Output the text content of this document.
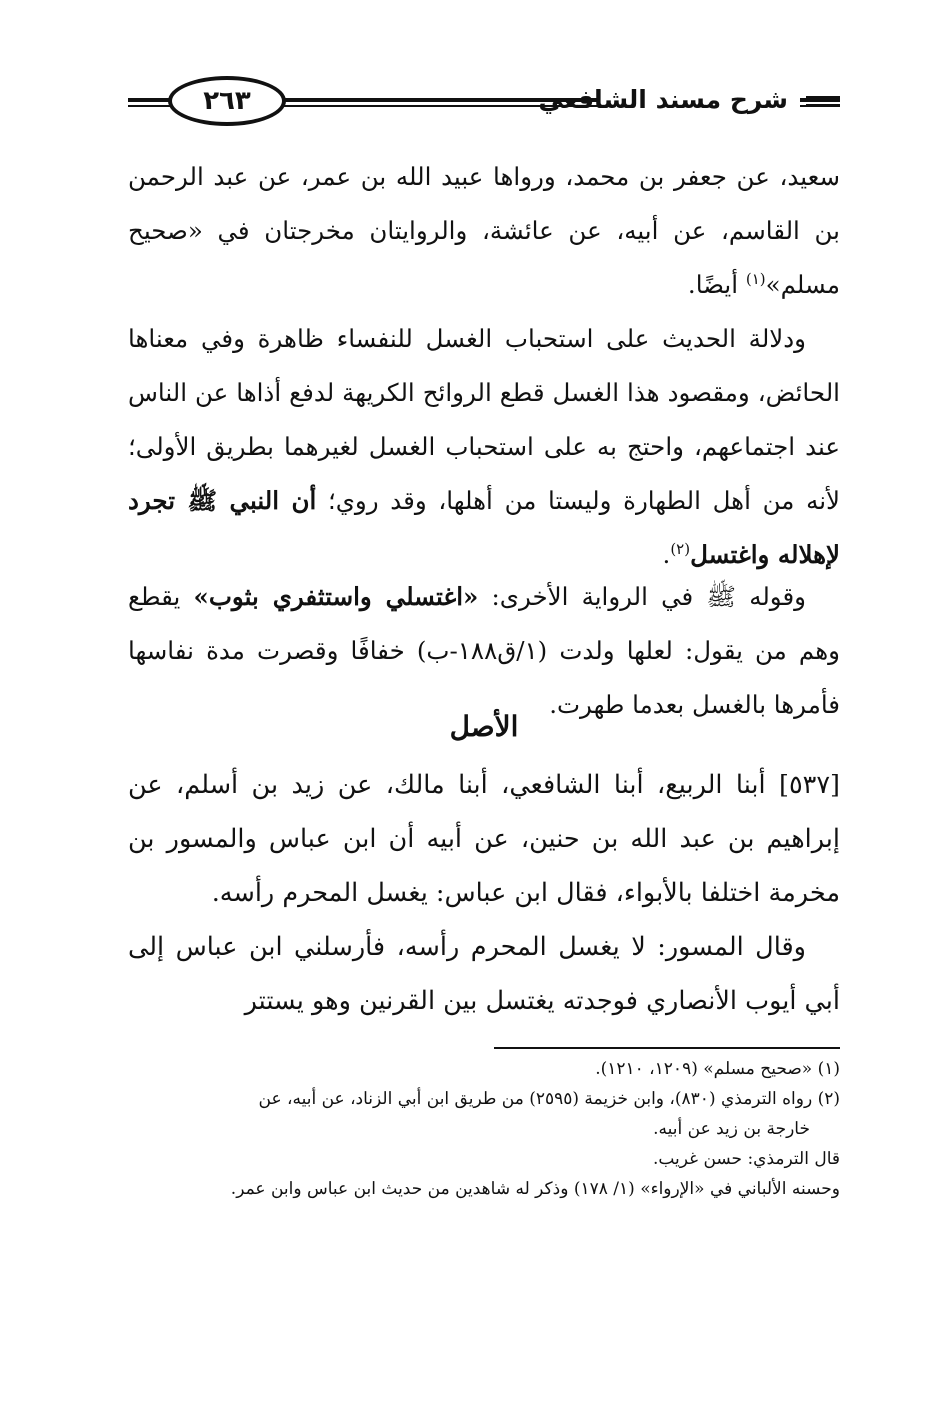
شرح مسند الشافعي
٢٦٣

سعيد، عن جعفر بن محمد، ورواها عبيد الله بن عمر، عن عبد الرحمن بن القاسم، عن أبيه، عن عائشة، والروايتان مخرجتان في «صحيح مسلم»$^{(١)}$ أيضًا.

ودلالة الحديث على استحباب الغسل للنفساء ظاهرة وفي معناها الحائض، ومقصود هذا الغسل قطع الروائح الكريهة لدفع أذاها عن الناس عند اجتماعهم، واحتج به على استحباب الغسل لغيرهما بطريق الأولى؛ لأنه من أهل الطهارة وليستا من أهلها، وقد روي؛ أن النبي ﷺ تجرد لإهلاله واغتسل$^{(٢)}$.

وقوله ﷺ في الرواية الأخرى: «اغتسلي واستثفري بثوب» يقطع وهم من يقول: لعلها ولدت (١/ق١٨٨-ب) خفافًا وقصرت مدة نفاسها فأمرها بالغسل بعدما طهرت.

الأصل

[٥٣٧] أبنا الربيع، أبنا الشافعي، أبنا مالك، عن زيد بن أسلم، عن إبراهيم بن عبد الله بن حنين، عن أبيه أن ابن عباس والمسور بن مخرمة اختلفا بالأبواء، فقال ابن عباس: يغسل المحرم رأسه.

وقال المسور: لا يغسل المحرم رأسه، فأرسلني ابن عباس إلى أبي أيوب الأنصاري فوجدته يغتسل بين القرنين وهو يستتر

(١) «صحيح مسلم» (١٢٠٩، ١٢١٠).

(٢) رواه الترمذي (٨٣٠)، وابن خزيمة (٢٥٩٥) من طريق ابن أبي الزناد، عن أبيه، عن

خارجة بن زيد عن أبيه.

قال الترمذي: حسن غريب.

وحسنه الألباني في «الإرواء» (١/ ١٧٨) وذكر له شاهدين من حديث ابن عباس وابن عمر.
